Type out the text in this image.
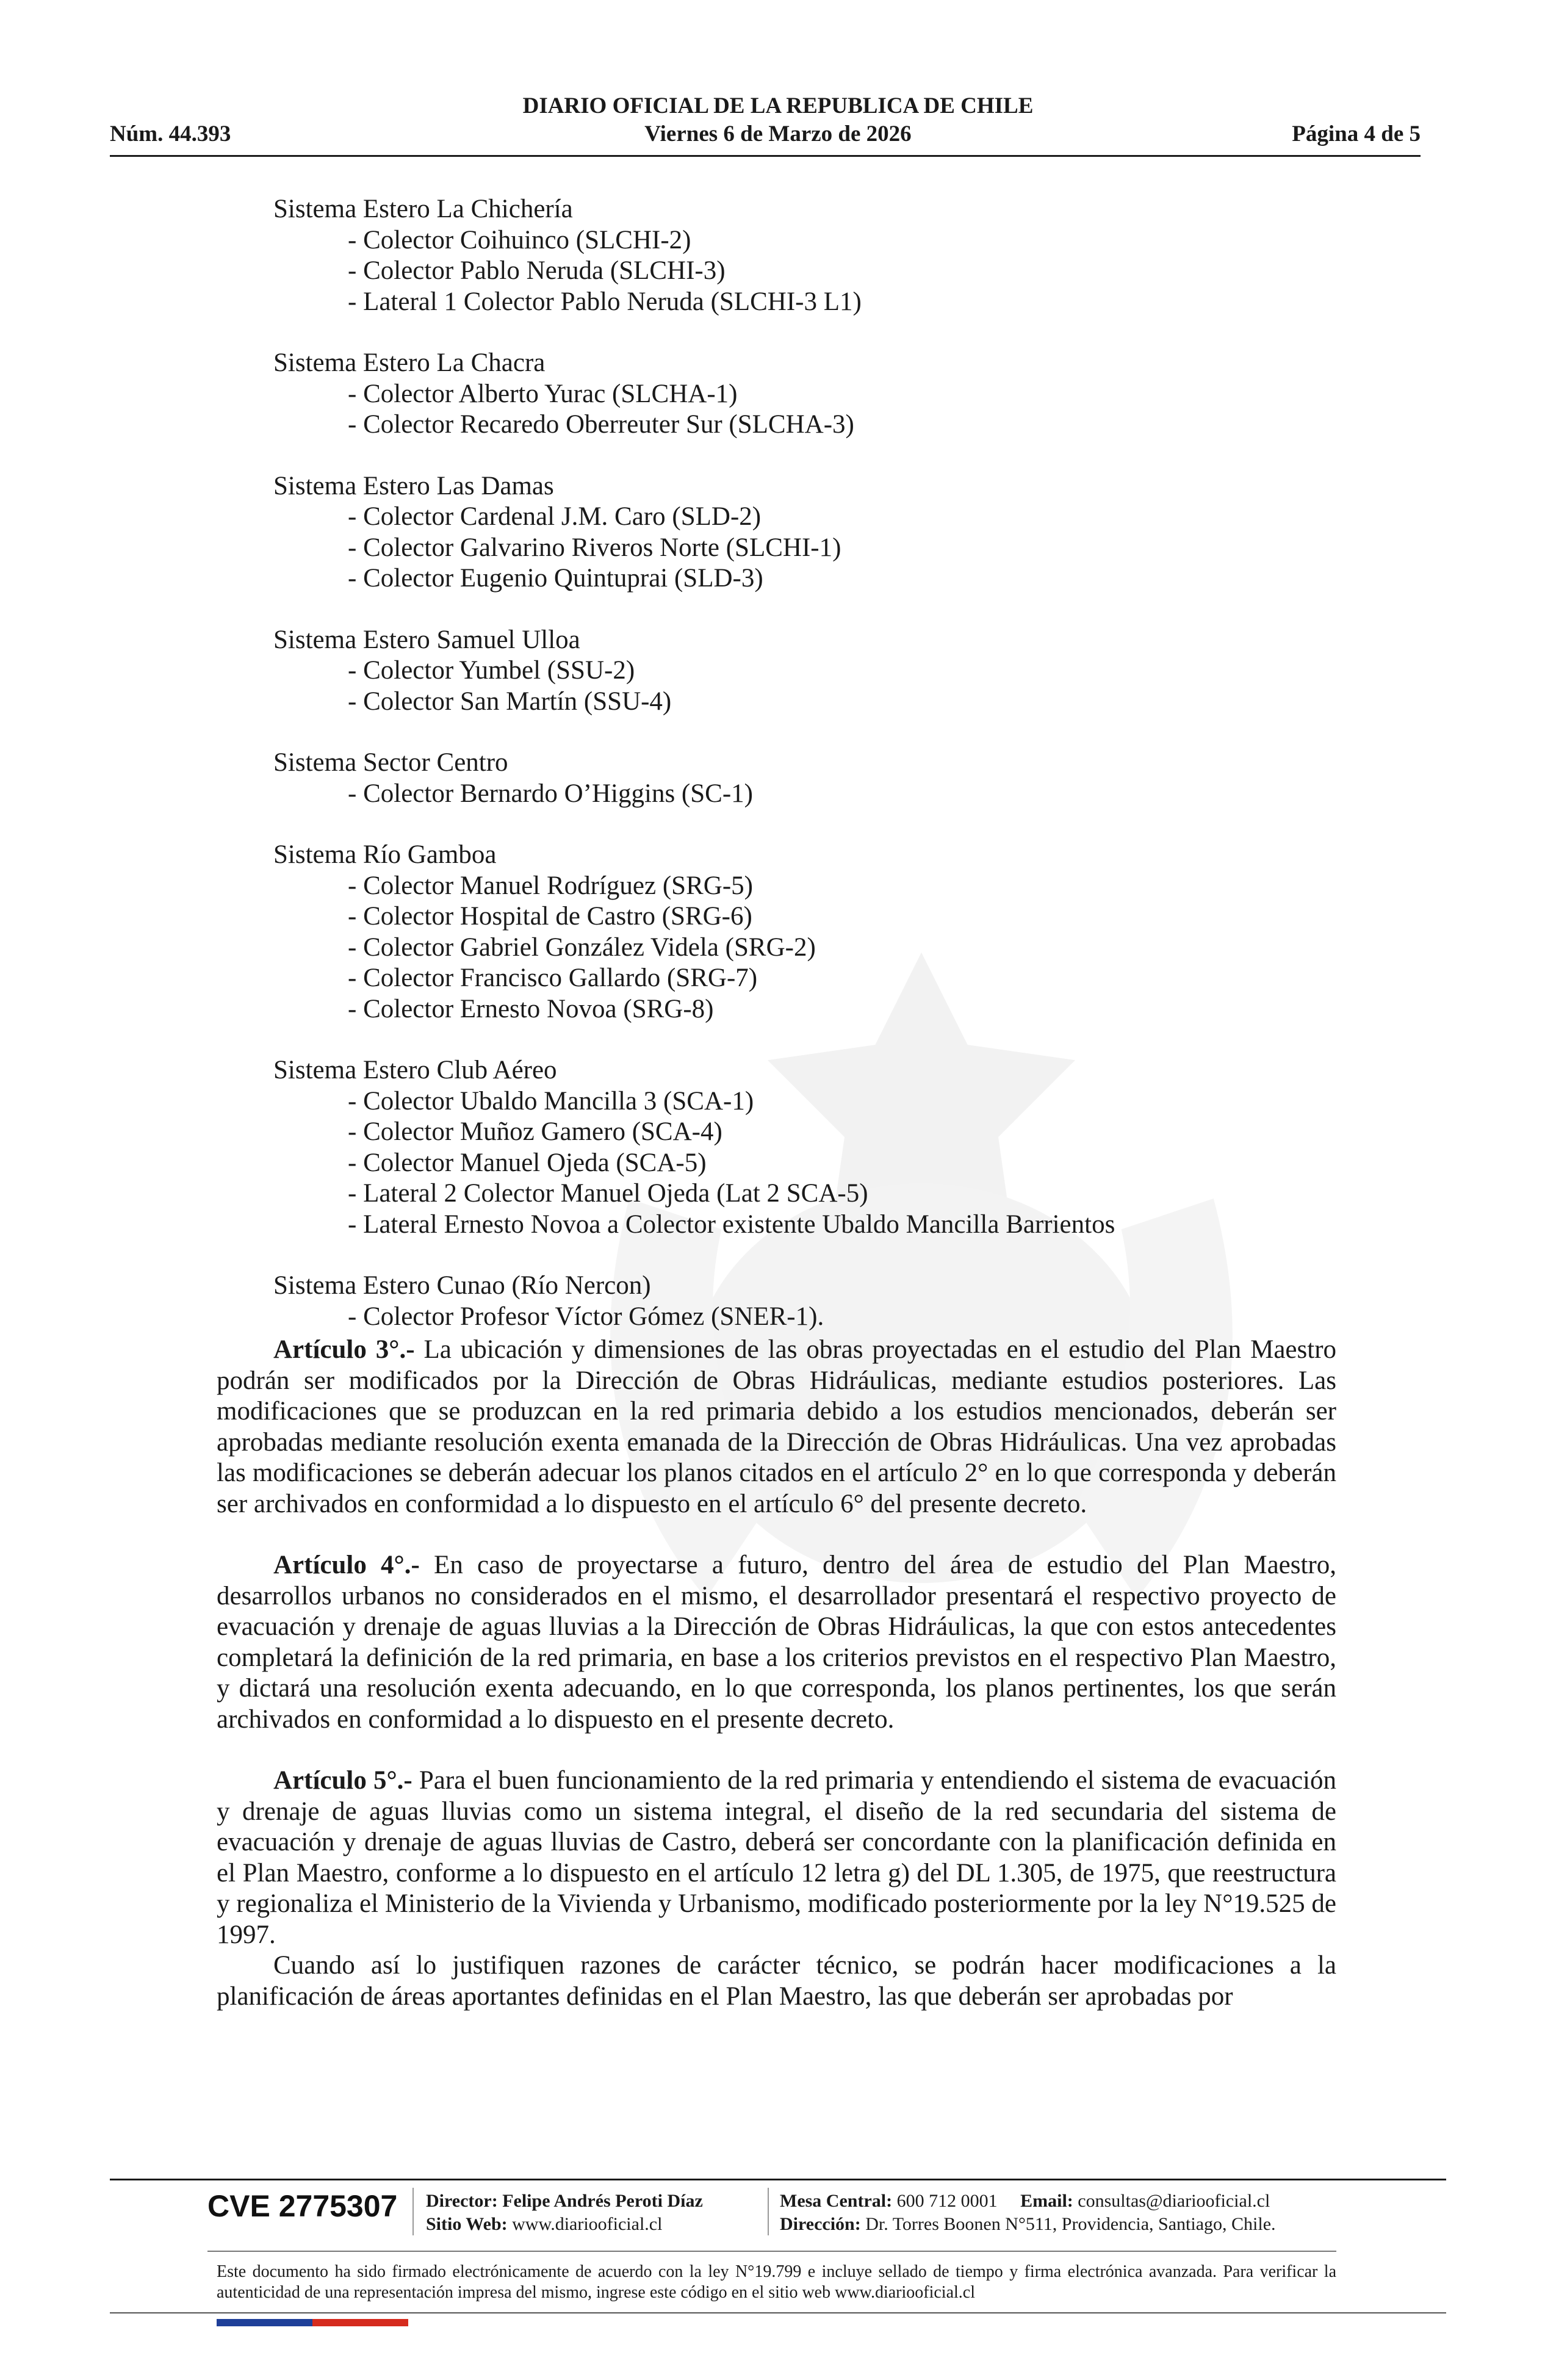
DIARIO OFICIAL DE LA REPUBLICA DE CHILE
Núm. 44.393	Viernes 6 de Marzo de 2026	Página 4 de 5
Sistema Estero La Chichería
- Colector Coihuinco (SLCHI-2)
- Colector Pablo Neruda (SLCHI-3)
- Lateral 1 Colector Pablo Neruda (SLCHI-3 L1)
Sistema Estero La Chacra
- Colector Alberto Yurac (SLCHA-1)
- Colector Recaredo Oberreuter Sur (SLCHA-3)
Sistema Estero Las Damas
- Colector Cardenal J.M. Caro (SLD-2)
- Colector Galvarino Riveros Norte (SLCHI-1)
- Colector Eugenio Quintuprai (SLD-3)
Sistema Estero Samuel Ulloa
- Colector Yumbel (SSU-2)
- Colector San Martín (SSU-4)
Sistema Sector Centro
- Colector Bernardo O’Higgins (SC-1)
Sistema Río Gamboa
- Colector Manuel Rodríguez (SRG-5)
- Colector Hospital de Castro (SRG-6)
- Colector Gabriel González Videla (SRG-2)
- Colector Francisco Gallardo (SRG-7)
- Colector Ernesto Novoa (SRG-8)
Sistema Estero Club Aéreo
- Colector Ubaldo Mancilla 3 (SCA-1)
- Colector Muñoz Gamero (SCA-4)
- Colector Manuel Ojeda (SCA-5)
- Lateral 2 Colector Manuel Ojeda (Lat 2 SCA-5)
- Lateral Ernesto Novoa a Colector existente Ubaldo Mancilla Barrientos
Sistema Estero Cunao (Río Nercon)
- Colector Profesor Víctor Gómez (SNER-1).

Artículo 3°.- La ubicación y dimensiones de las obras proyectadas en el estudio del Plan Maestro podrán ser modificados por la Dirección de Obras Hidráulicas, mediante estudios posteriores. Las modificaciones que se produzcan en la red primaria debido a los estudios mencionados, deberán ser aprobadas mediante resolución exenta emanada de la Dirección de Obras Hidráulicas. Una vez aprobadas las modificaciones se deberán adecuar los planos citados en el artículo 2° en lo que corresponda y deberán ser archivados en conformidad a lo dispuesto en el artículo 6° del presente decreto.

Artículo 4°.- En caso de proyectarse a futuro, dentro del área de estudio del Plan Maestro, desarrollos urbanos no considerados en el mismo, el desarrollador presentará el respectivo proyecto de evacuación y drenaje de aguas lluvias a la Dirección de Obras Hidráulicas, la que con estos antecedentes completará la definición de la red primaria, en base a los criterios previstos en el respectivo Plan Maestro, y dictará una resolución exenta adecuando, en lo que corresponda, los planos pertinentes, los que serán archivados en conformidad a lo dispuesto en el presente decreto.

Artículo 5°.- Para el buen funcionamiento de la red primaria y entendiendo el sistema de evacuación y drenaje de aguas lluvias como un sistema integral, el diseño de la red secundaria del sistema de evacuación y drenaje de aguas lluvias de Castro, deberá ser concordante con la planificación definida en el Plan Maestro, conforme a lo dispuesto en el artículo 12 letra g) del DL 1.305, de 1975, que reestructura y regionaliza el Ministerio de la Vivienda y Urbanismo, modificado posteriormente por la ley N°19.525 de 1997.

Cuando así lo justifiquen razones de carácter técnico, se podrán hacer modificaciones a la planificación de áreas aportantes definidas en el Plan Maestro, las que deberán ser aprobadas por

CVE 2775307 Director: Felipe Andrés Peroti Díaz
Sitio Web: www.diariooficial.cl
Mesa Central: 600 712 0001 Email: consultas@diariooficial.cl
Dirección: Dr. Torres Boonen N°511, Providencia, Santiago, Chile.
Este documento ha sido firmado electrónicamente de acuerdo con la ley N°19.799 e incluye sellado de tiempo y firma electrónica avanzada. Para verificar la autenticidad de una representación impresa del mismo, ingrese este código en el sitio web www.diariooficial.cl
